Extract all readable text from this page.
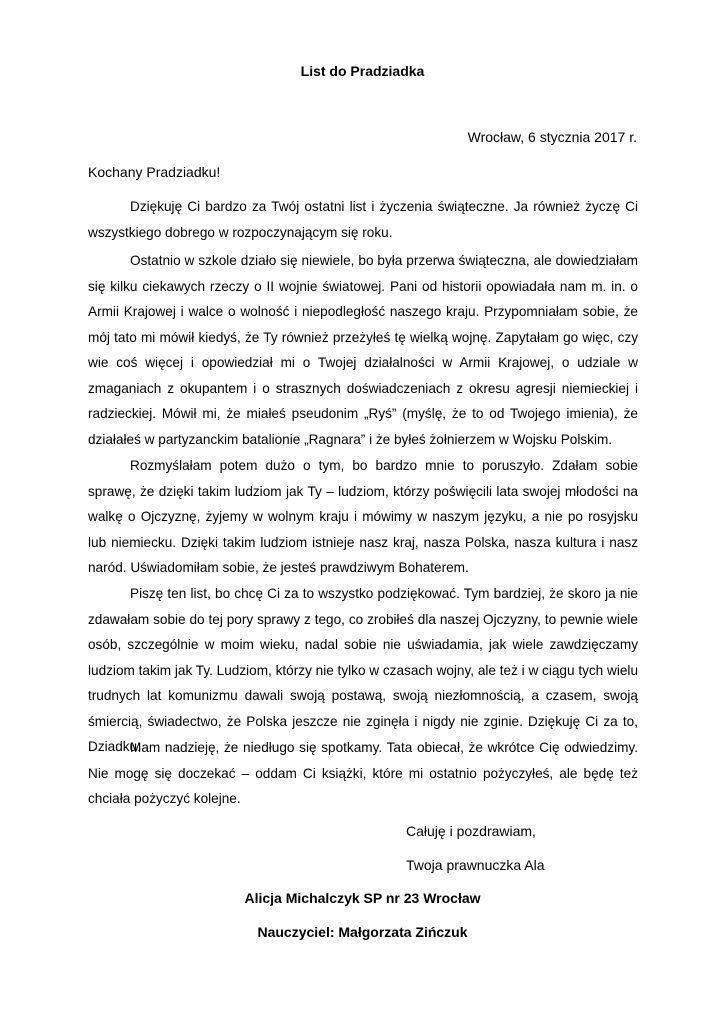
List do Pradziadka
Wrocław, 6 stycznia 2017 r.
Kochany Pradziadku!
Dziękuję Ci bardzo za Twój ostatni list i życzenia świąteczne. Ja również życzę Ci wszystkiego dobrego w rozpoczynającym się roku.
Ostatnio w szkole działo się niewiele, bo była przerwa świąteczna, ale dowiedziałam się kilku ciekawych rzeczy o II wojnie światowej. Pani od historii opowiadała nam m. in. o Armii Krajowej i walce o wolność i niepodległość naszego kraju. Przypomniałam sobie, że mój tato mi mówił kiedyś, że Ty również przeżyłeś tę wielką wojnę. Zapytałam go więc, czy wie coś więcej i opowiedział mi o Twojej działalności w Armii Krajowej, o udziale w zmaganiach z okupantem i o strasznych doświadczeniach z okresu agresji niemieckiej i radzieckiej. Mówił mi, że miałeś pseudonim „Ryś” (myślę, że to od Twojego imienia), że działałeś w partyzanckim batalionie „Ragnara” i że byłeś żołnierzem w Wojsku Polskim.
Rozmyślałam potem dużo o tym, bo bardzo mnie to poruszyło. Zdałam sobie sprawę, że dzięki takim ludziom jak Ty – ludziom, którzy poświęcili lata swojej młodości na walkę o Ojczyznę, żyjemy w wolnym kraju i mówimy w naszym języku, a nie po rosyjsku lub niemiecku. Dzięki takim ludziom istnieje nasz kraj, nasza Polska, nasza kultura i nasz naród. Uświadomiłam sobie, że jesteś prawdziwym Bohaterem.
Piszę ten list, bo chcę Ci za to wszystko podziękować. Tym bardziej, że skoro ja nie zdawałam sobie do tej pory sprawy z tego, co zrobiłeś dla naszej Ojczyzny, to pewnie wiele osób, szczególnie w moim wieku, nadal sobie nie uświadamia, jak wiele zawdzięczamy ludziom takim jak Ty. Ludziom, którzy nie tylko w czasach wojny, ale też i w ciągu tych wielu trudnych lat komunizmu dawali swoją postawą, swoją niezłomnością, a czasem, swoją śmiercią, świadectwo, że Polska jeszcze nie zginęła i nigdy nie zginie. Dziękuję Ci za to, Dziadku.
Mam nadzieję, że niedługo się spotkamy. Tata obiecał, że wkrótce Cię odwiedzimy. Nie mogę się doczekać – oddam Ci książki, które mi ostatnio pożyczyłeś, ale będę też chciała pożyczyć kolejne.
Całuję i pozdrawiam,
Twoja prawnuczka Ala
Alicja Michalczyk SP nr 23 Wrocław
Nauczyciel: Małgorzata Zińczuk
